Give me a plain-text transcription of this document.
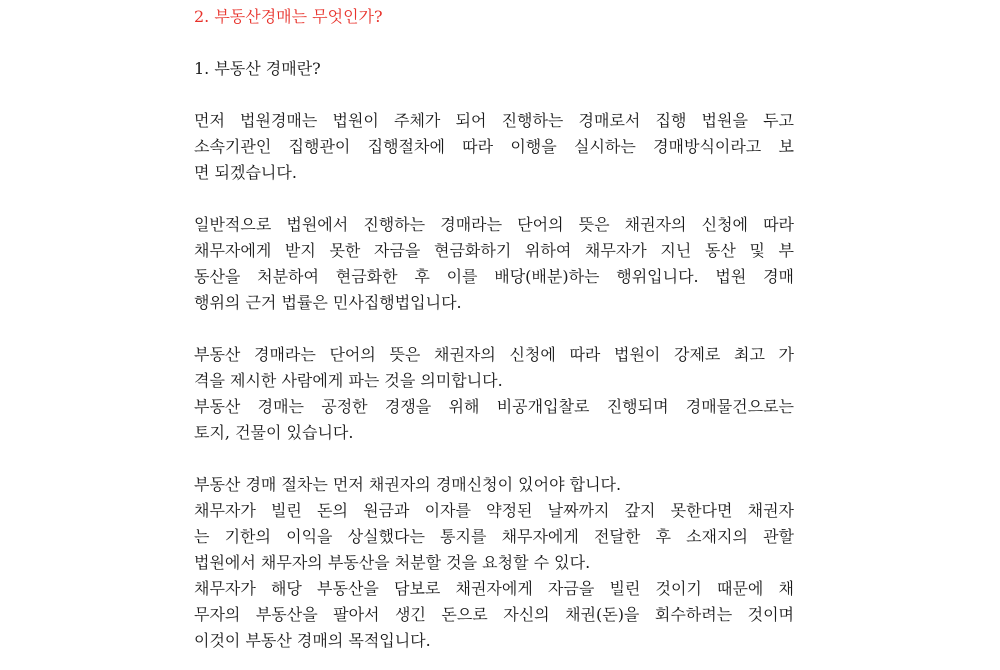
2. 부동산경매는 무엇인가?
1. 부동산 경매란?
먼저 법원경매는 법원이 주체가 되어 진행하는 경매로서 집행 법원을 두고
소속기관인 집행관이 집행절차에 따라 이행을 실시하는 경매방식이라고 보
면 되겠습니다.
일반적으로 법원에서 진행하는 경매라는 단어의 뜻은 채권자의 신청에 따라
채무자에게 받지 못한 자금을 현금화하기 위하여 채무자가 지닌 동산 및 부
동산을 처분하여 현금화한 후 이를 배당(배분)하는 행위입니다. 법원 경매
행위의 근거 법률은 민사집행법입니다.
부동산 경매라는 단어의 뜻은 채권자의 신청에 따라 법원이 강제로 최고 가
격을 제시한 사람에게 파는 것을 의미합니다.
부동산 경매는 공정한 경쟁을 위해 비공개입찰로 진행되며 경매물건으로는
토지, 건물이 있습니다.
부동산 경매 절차는 먼저 채권자의 경매신청이 있어야 합니다.
채무자가 빌린 돈의 원금과 이자를 약정된 날짜까지 갚지 못한다면 채권자
는 기한의 이익을 상실했다는 통지를 채무자에게 전달한 후 소재지의 관할
법원에서 채무자의 부동산을 처분할 것을 요청할 수 있다.
채무자가 해당 부동산을 담보로 채권자에게 자금을 빌린 것이기 때문에 채
무자의 부동산을 팔아서 생긴 돈으로 자신의 채권(돈)을 회수하려는 것이며
이것이 부동산 경매의 목적입니다.
